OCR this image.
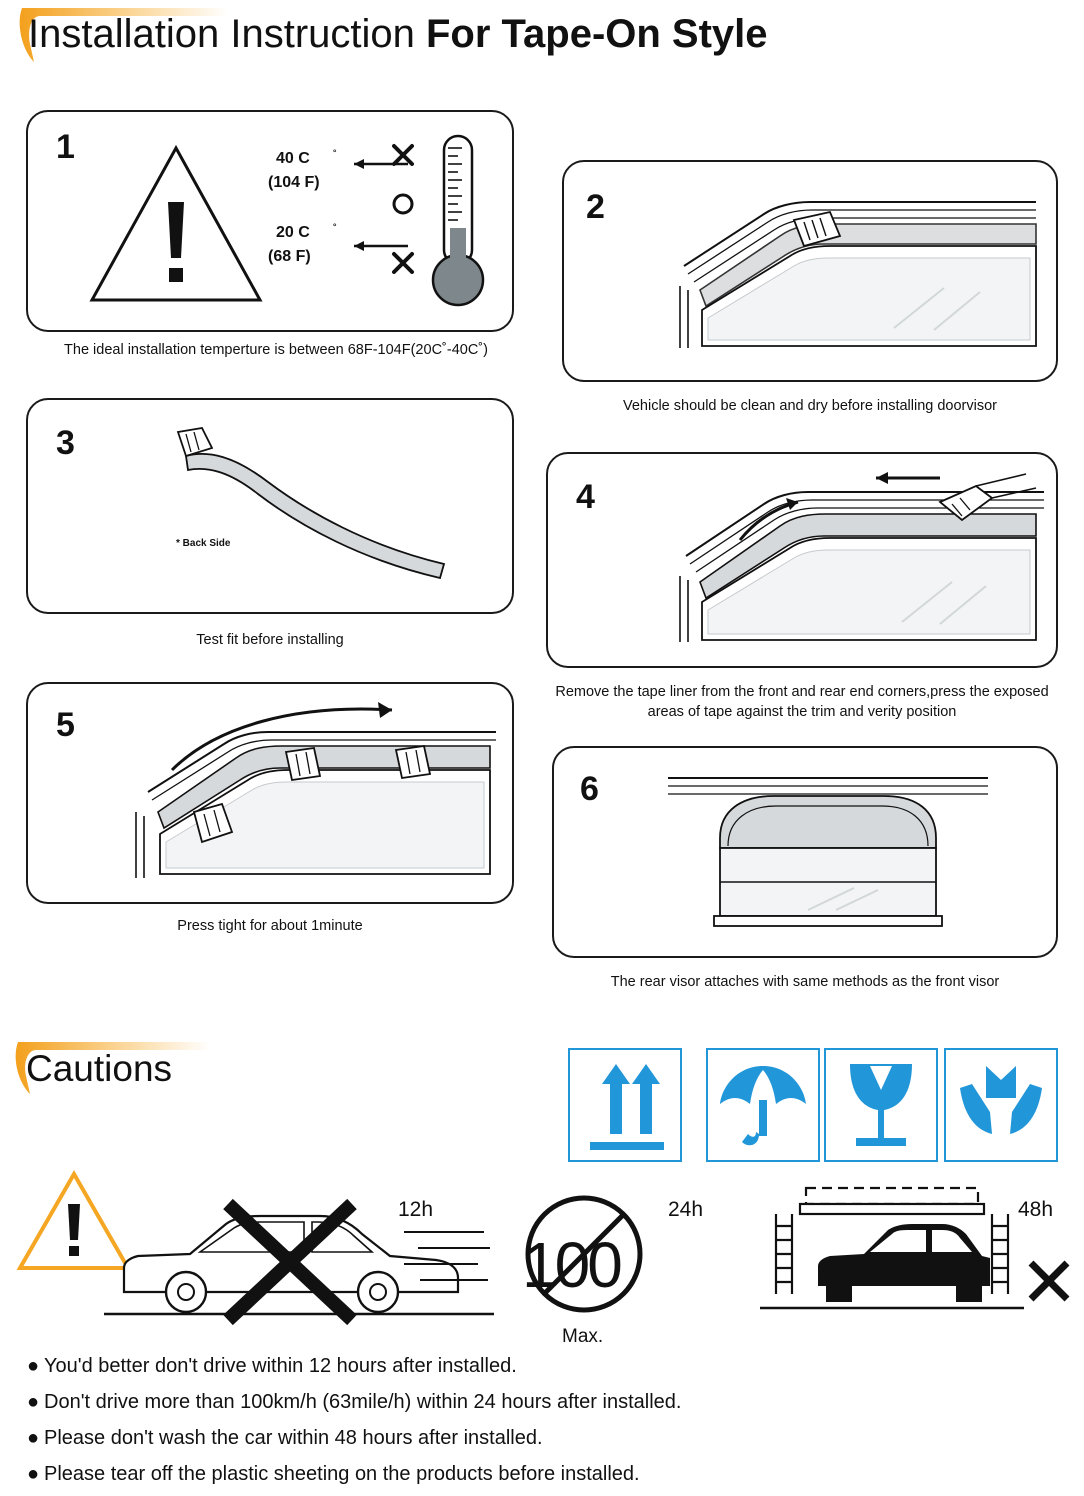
Installation Instruction For Tape-On Style
1	40 C ˚
(104 F)
20 C ˚
(68 F)
The ideal installation temperture is between 68F-104F(20C˚-40C˚)
2
Vehicle should be clean and dry before installing doorvisor
3
* Back Side
Test fit before installing
4
Remove the tape liner from the front and rear end corners,press the exposed areas of tape against the trim and verity position
5
Press tight for about 1minute
6
The rear visor attaches with same methods as the front visor
Cautions
12h
100
Max.
24h	48h
● You'd better don't drive within 12 hours after installed.
● Don't drive more than 100km/h (63mile/h) within 24 hours after installed.
● Please don't wash the car within 48 hours after installed.
● Please tear off the plastic sheeting on the products before installed.
